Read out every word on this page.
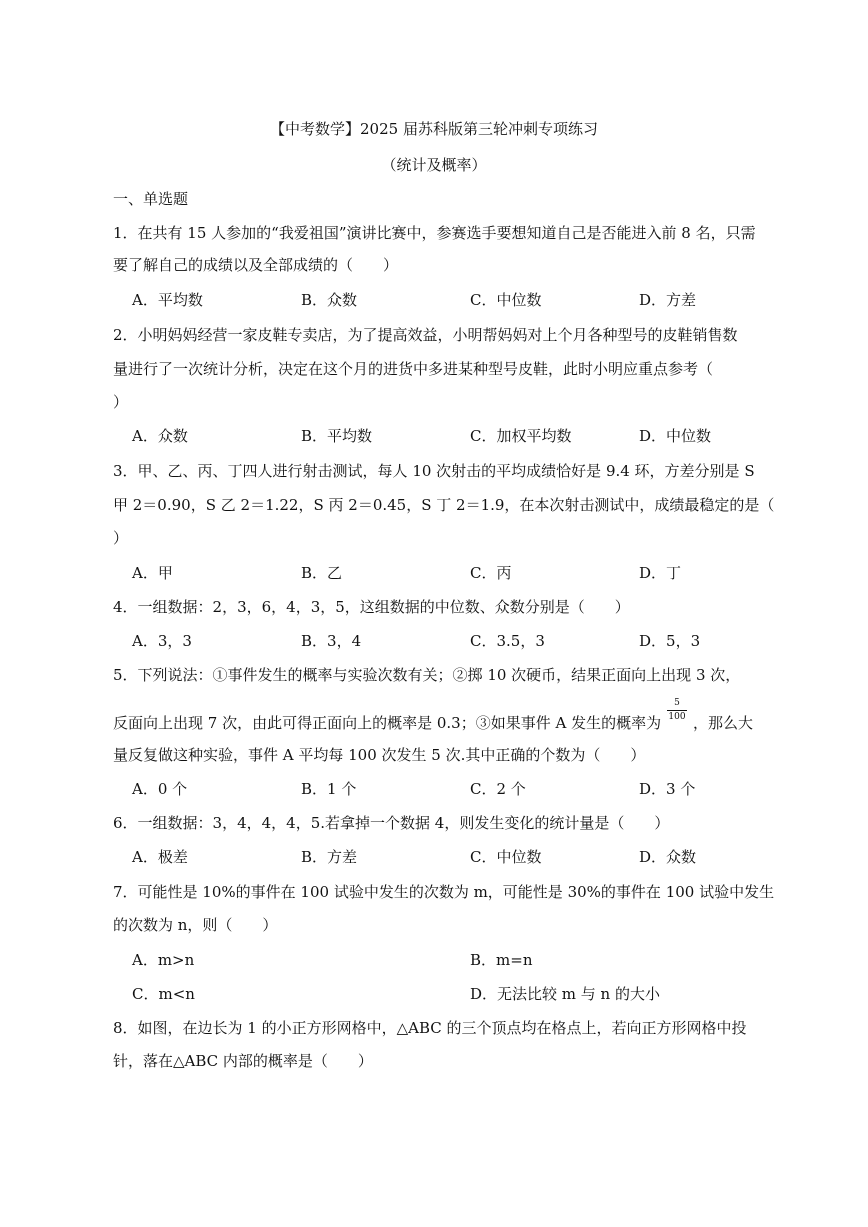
【中考数学】2025 届苏科版第三轮冲刺专项练习
（统计及概率）
一、单选题
1．在共有 15 人参加的“我爱祖国”演讲比赛中，参赛选手要想知道自己是否能进入前 8 名，只需
要了解自己的成绩以及全部成绩的（　　）
A．平均数	B．众数	C．中位数	D．方差
2．小明妈妈经营一家皮鞋专卖店，为了提高效益，小明帮妈妈对上个月各种型号的皮鞋销售数
量进行了一次统计分析，决定在这个月的进货中多进某种型号皮鞋，此时小明应重点参考（
）
A．众数	B．平均数	C．加权平均数	D．中位数
3．甲、乙、丙、丁四人进行射击测试，每人 10 次射击的平均成绩恰好是 9.4 环，方差分别是 S
甲 2＝0.90，S 乙 2＝1.22，S 丙 2＝0.45，S 丁 2＝1.9，在本次射击测试中，成绩最稳定的是（
）
A．甲	B．乙	C．丙	D．丁
4．一组数据：2，3，6，4，3，5，这组数据的中位数、众数分别是（　　）
A．3，3	B．3，4	C．3.5，3	D．5，3
5．下列说法：①事件发生的概率与实验次数有关；②掷 10 次硬币，结果正面向上出现 3 次，
反面向上出现 7 次，由此可得正面向上的概率是 0.3；③如果事件 A 发生的概率为
5
100 ，那么大
量反复做这种实验，事件 A 平均每 100 次发生 5 次.其中正确的个数为（　　）
A．0 个	B．1 个	C．2 个	D．3 个
6．一组数据：3，4，4，4，5.若拿掉一个数据 4，则发生变化的统计量是（　　）
A．极差	B．方差	C．中位数	D．众数
7．可能性是 10%的事件在 100 试验中发生的次数为 m，可能性是 30%的事件在 100 试验中发生
的次数为 n，则（　　）
A．m>n	B．m=n
C．m<n	D．无法比较 m 与 n 的大小
8．如图，在边长为 1 的小正方形网格中，△ABC 的三个顶点均在格点上，若向正方形网格中投
针，落在△ABC 内部的概率是（　　）
